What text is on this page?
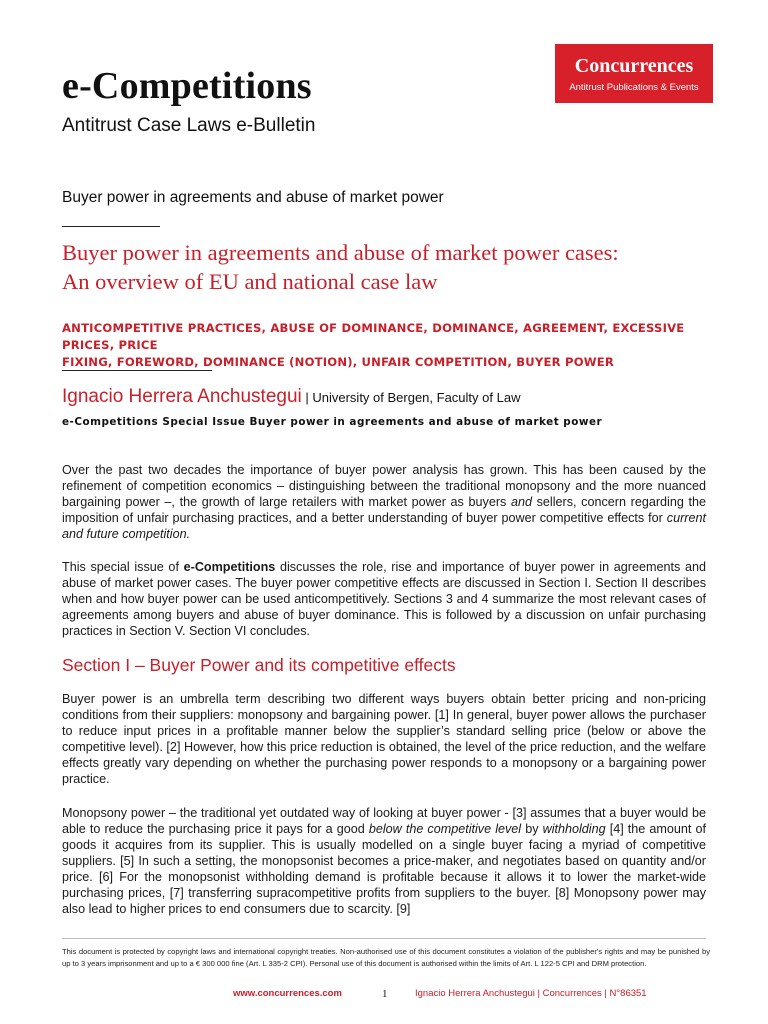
e-Competitions
Antitrust Case Laws e-Bulletin
Concurrences
Antitrust Publications & Events
Buyer power in agreements and abuse of market power
Buyer power in agreements and abuse of market power cases:
An overview of EU and national case law
ANTICOMPETITIVE PRACTICES, ABUSE OF DOMINANCE, DOMINANCE, AGREEMENT, EXCESSIVE PRICES, PRICE
FIXING, FOREWORD, DOMINANCE (NOTION), UNFAIR COMPETITION, BUYER POWER
Ignacio Herrera Anchustegui | University of Bergen, Faculty of Law
e-Competitions Special Issue Buyer power in agreements and abuse of market power

Over the past two decades the importance of buyer power analysis has grown. This has been caused by the refinement of competition economics – distinguishing between the traditional monopsony and the more nuanced bargaining power –, the growth of large retailers with market power as buyers and sellers, concern regarding the imposition of unfair purchasing practices, and a better understanding of buyer power competitive effects for current and future competition.

This special issue of e-Competitions discusses the role, rise and importance of buyer power in agreements and abuse of market power cases. The buyer power competitive effects are discussed in Section I. Section II describes when and how buyer power can be used anticompetitively. Sections 3 and 4 summarize the most relevant cases of agreements among buyers and abuse of buyer dominance. This is followed by a discussion on unfair purchasing practices in Section V. Section VI concludes.

Section I – Buyer Power and its competitive effects

Buyer power is an umbrella term describing two different ways buyers obtain better pricing and non-pricing conditions from their suppliers: monopsony and bargaining power. [1] In general, buyer power allows the purchaser to reduce input prices in a profitable manner below the supplier’s standard selling price (below or above the competitive level). [2] However, how this price reduction is obtained, the level of the price reduction, and the welfare effects greatly vary depending on whether the purchasing power responds to a monopsony or a bargaining power practice.

Monopsony power – the traditional yet outdated way of looking at buyer power - [3] assumes that a buyer would be able to reduce the purchasing price it pays for a good below the competitive level by withholding [4] the amount of goods it acquires from its supplier. This is usually modelled on a single buyer facing a myriad of competitive suppliers. [5] In such a setting, the monopsonist becomes a price-maker, and negotiates based on quantity and/or price. [6] For the monopsonist withholding demand is profitable because it allows it to lower the market-wide purchasing prices, [7] transferring supracompetitive profits from suppliers to the buyer. [8] Monopsony power may also lead to higher prices to end consumers due to scarcity. [9]

This document is protected by copyright laws and international copyright treaties. Non-authorised use of this document constitutes a violation of the publisher's rights and may be punished by up to 3 years imprisonment and up to a € 300 000 fine (Art. L 335-2 CPI). Personal use of this document is authorised within the limits of Art. L 122-5 CPI and DRM protection.
www.concurrences.com	1	Ignacio Herrera Anchustegui | Concurrences | N°86351
